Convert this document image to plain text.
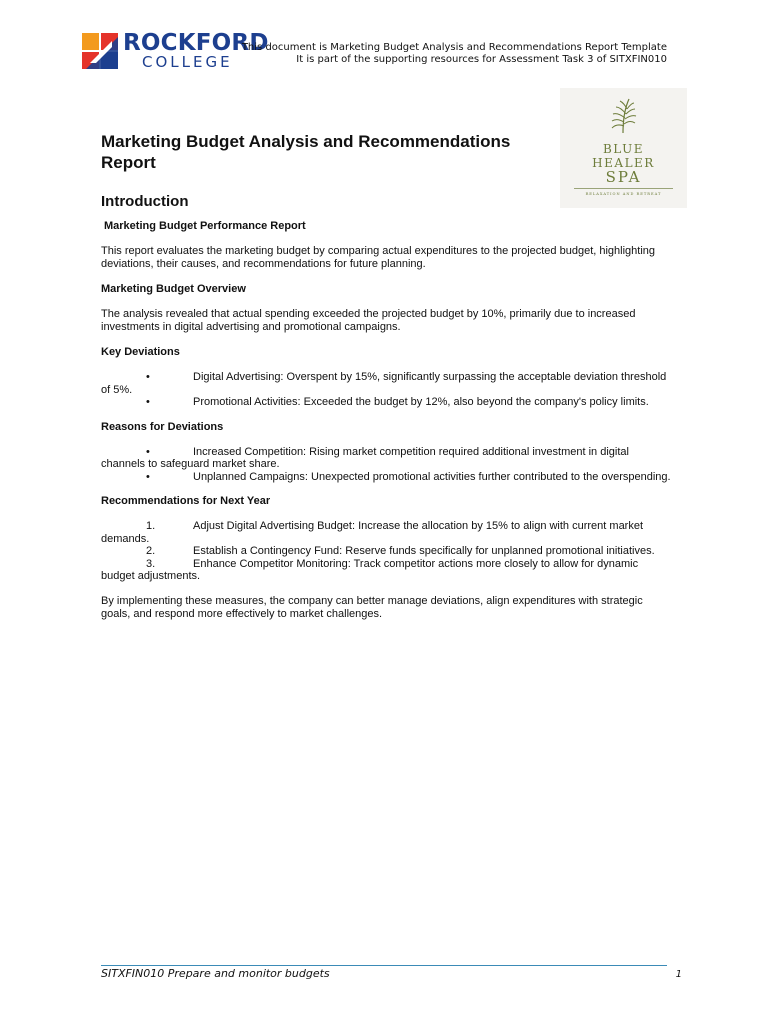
ROCKFORD
COLLEGE
This document is Marketing Budget Analysis and Recommendations Report Template
It is part of the supporting resources for Assessment Task 3 of SITXFIN010
BLUE
HEALER
SPA
RELAXATION AND RETREAT
Marketing Budget Analysis and Recommendations Report
Introduction
Marketing Budget Performance Report

This report evaluates the marketing budget by comparing actual expenditures to the projected budget, highlighting deviations, their causes, and recommendations for future planning.

Marketing Budget Overview

The analysis revealed that actual spending exceeded the projected budget by 10%, primarily due to increased investments in digital advertising and promotional campaigns.

Key Deviations
•	Digital Advertising: Overspent by 15%, significantly surpassing the acceptable deviation threshold of 5%.
•	Promotional Activities: Exceeded the budget by 12%, also beyond the company's policy limits.
Reasons for Deviations
•	Increased Competition: Rising market competition required additional investment in digital channels to safeguard market share.
•	Unplanned Campaigns: Unexpected promotional activities further contributed to the overspending.
Recommendations for Next Year
1.	Adjust Digital Advertising Budget: Increase the allocation by 15% to align with current market demands.
2.	Establish a Contingency Fund: Reserve funds specifically for unplanned promotional initiatives.
3.	Enhance Competitor Monitoring: Track competitor actions more closely to allow for dynamic budget adjustments.

By implementing these measures, the company can better manage deviations, align expenditures with strategic goals, and respond more effectively to market challenges.

SITXFIN010 Prepare and monitor budgets	1
